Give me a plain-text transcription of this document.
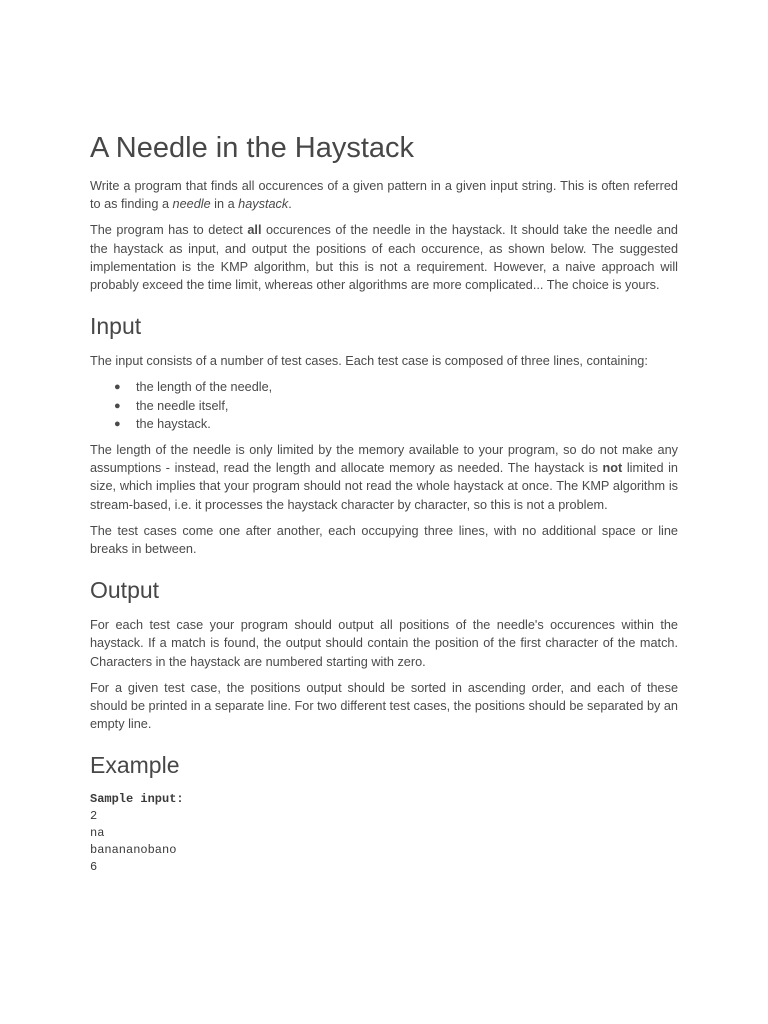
A Needle in the Haystack

Write a program that finds all occurences of a given pattern in a given input string. This is often referred to as finding a needle in a haystack.

The program has to detect all occurences of the needle in the haystack. It should take the needle and the haystack as input, and output the positions of each occurence, as shown below. The suggested implementation is the KMP algorithm, but this is not a requirement. However, a naive approach will probably exceed the time limit, whereas other algorithms are more complicated... The choice is yours.

Input

The input consists of a number of test cases. Each test case is composed of three lines, containing:

● the length of the needle,
● the needle itself,
● the haystack.

The length of the needle is only limited by the memory available to your program, so do not make any assumptions - instead, read the length and allocate memory as needed. The haystack is not limited in size, which implies that your program should not read the whole haystack at once. The KMP algorithm is stream-based, i.e. it processes the haystack character by character, so this is not a problem.

The test cases come one after another, each occupying three lines, with no additional space or line breaks in between.

Output

For each test case your program should output all positions of the needle's occurences within the haystack. If a match is found, the output should contain the position of the first character of the match. Characters in the haystack are numbered starting with zero.

For a given test case, the positions output should be sorted in ascending order, and each of these should be printed in a separate line. For two different test cases, the positions should be separated by an empty line.

Example
Sample input:
2
na
banananobano
6
